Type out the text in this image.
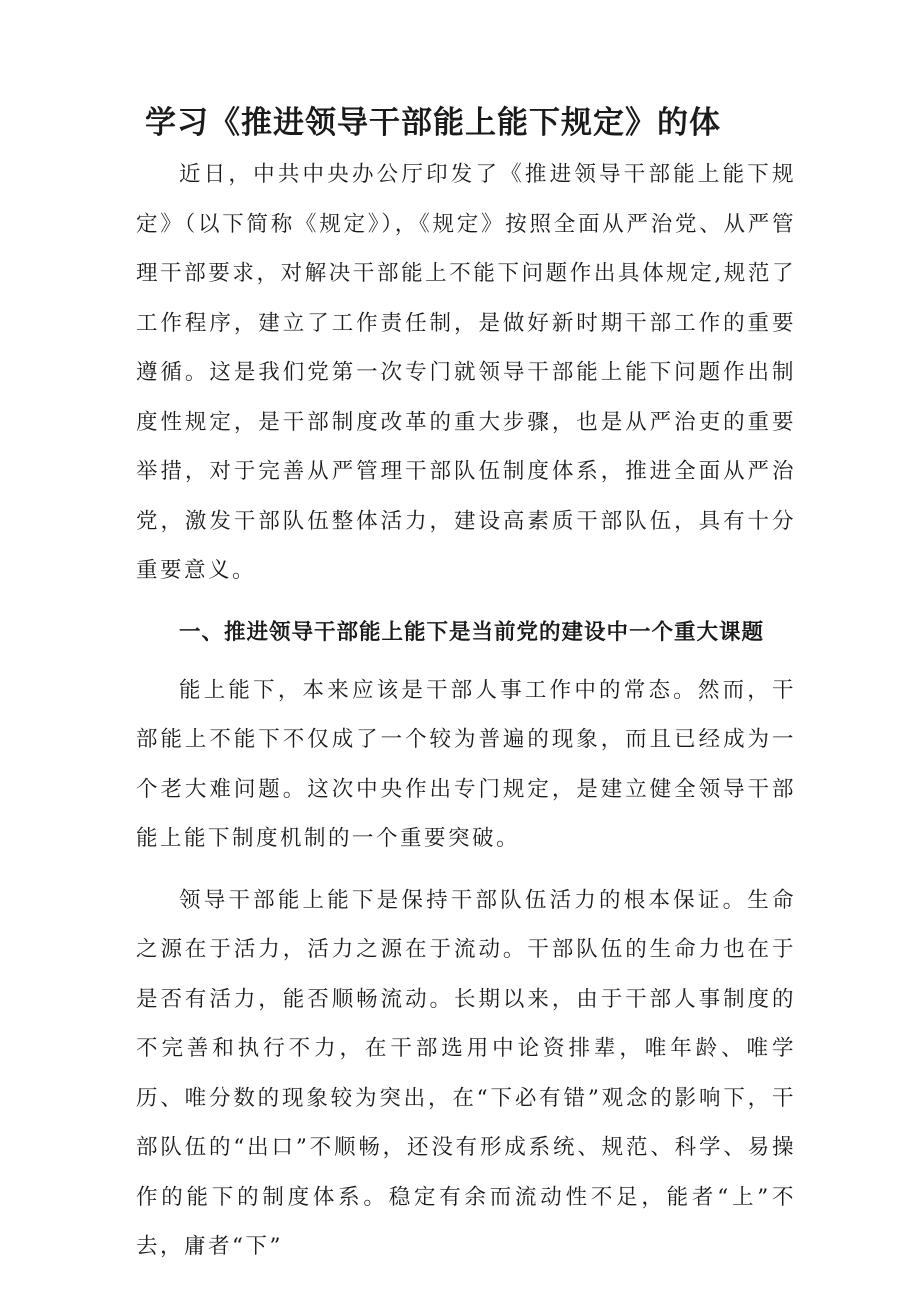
学习《推进领导干部能上能下规定》的体

近日，中共中央办公厅印发了《推进领导干部能上能下规定》（以下简称《规定》），《规定》按照全面从严治党、从严管理干部要求，对解决干部能上不能下问题作出具体规定,规范了工作程序，建立了工作责任制，是做好新时期干部工作的重要遵循。这是我们党第一次专门就领导干部能上能下问题作出制度性规定，是干部制度改革的重大步骤，也是从严治吏的重要举措，对于完善从严管理干部队伍制度体系，推进全面从严治党，激发干部队伍整体活力，建设高素质干部队伍，具有十分重要意义。

一、推进领导干部能上能下是当前党的建设中一个重大课题

能上能下，本来应该是干部人事工作中的常态。然而，干部能上不能下不仅成了一个较为普遍的现象，而且已经成为一个老大难问题。这次中央作出专门规定，是建立健全领导干部能上能下制度机制的一个重要突破。

领导干部能上能下是保持干部队伍活力的根本保证。生命之源在于活力，活力之源在于流动。干部队伍的生命力也在于是否有活力，能否顺畅流动。长期以来，由于干部人事制度的不完善和执行不力，在干部选用中论资排辈，唯年龄、唯学历、唯分数的现象较为突出，在“下必有错”观念的影响下，干部队伍的“出口”不顺畅，还没有形成系统、规范、科学、易操作的能下的制度体系。稳定有余而流动性不足，能者“上”不去，庸者“下”
